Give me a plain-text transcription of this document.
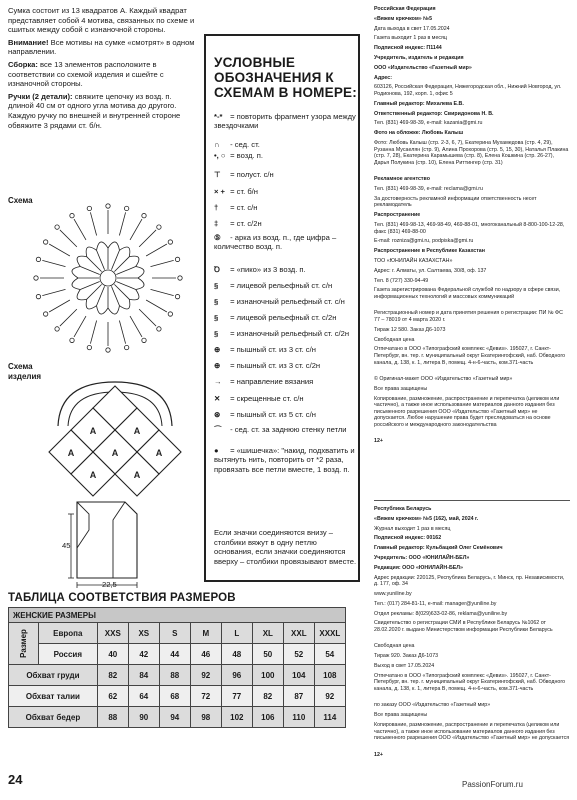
Сумка состоит из 13 квадратов А. Каждый квадрат представляет собой 4 мотива, связанных по схеме и сшитых между собой с изнаночной стороны.

Внимание! Все мотивы на сумке «смотрят» в одном направлении.

Сборка: все 13 элементов расположите в соответствии со схемой изделия и сшейте с изнаночной стороны.

Ручки (2 детали): свяжите цепочку из возд. п. длиной 40 см от одного угла мотива до другого. Каждую ручку по внешней и внутренней стороне обвяжите 3 рядами ст. б/н.

Схема
Схема изделия
А	А
А	А	А
А	А
45
22,5
УСЛОВНЫЕ ОБОЗНАЧЕНИЯ К СХЕМАМ В НОМЕРЕ:
*-* = повторить фрагмент узора между звездочками
∩ - сед. ст.
•, ○ = возд. п.
⊤ = полуст. с/н
× + = ст. б/н
† = ст. с/н
‡ = ст. с/2н
⑤ - арка из возд. п., где цифра – количество возд. п.
Ꝺ = «пико» из 3 возд. п.
§ = лицевой рельефный ст. с/н
§ = изнаночный рельефный ст. с/н
§ = лицевой рельефный ст. с/2н
§ = изнаночный рельефный ст. с/2н
⊕ = пышный ст. из 3 ст. с/н
⊕ = пышный ст. из 3 ст. с/2н
→ = направление вязания
✕ = скрещенные ст. с/н
⊛ = пышный ст. из 5 ст. с/н
⌒ - сед. ст. за заднюю стенку петли
● = «шишечка»: "накид, подхватить и вытянуть нить, повторить от *2 раза, провязать все петли вместе, 1 возд. п.
Если значки соединяются внизу – столбики вяжут в одну петлю основания, если значки соединяются вверху – столбики провязывают вместе.
Российская Федерация
«Вяжем крючком» №5
Дата выхода в свет 17.05.2024
Газета выходит 1 раз в месяц
Подписной индекс: П1144
Учредитель, издатель и редакция
ООО «Издательство «Газетный мир»
Адрес:
603126, Российская Федерация, Нижегородская обл., Нижний Новгород, ул. Родионова, 192, корп. 1, офис 5
Главный редактор: Михалева Е.В.
Ответственный редактор: Свиридонова Н. В.
Тел. (831) 469-98-39, e-mail: kazania@gmi.ru
Фото на обложке: Любовь Калыш
Фото: Любовь Калыш (стр. 2-3, 6, 7), Екатерина Мухамедова (стр. 4, 29), Рузанна Мусаелян (стр. 9), Алина Прохорова (стр. 5, 15, 30), Наталья Плакина (стр. 7, 28), Екатерина Карамышева (стр. 8), Елена Кошкина (стр. 26-27), Дарья Полукина (стр. 10), Елена Риттингер (стр. 31)
Рекламное агентство
Тел. (831) 469-98-39, e-mail: reclama@gmi.ru
За достоверность рекламной информации ответственность несет рекламодатель
Распространение
Тел. (831) 469-98-13, 469-98-49, 469-88-01, многоканальный 8-800-100-12-28, факс (831) 469-88-00
E-mail: rozniza@gmi.ru, podpiska@gmi.ru
Распространение в Республике Казахстан
ТОО «ЮНИЛАЙН КАЗАХСТАН»
Адрес: г. Алматы, ул. Салтаева, 30/8, оф. 137
Тел. 8 (727) 330-94-49
Газета зарегистрирована Федеральной службой по надзору в сфере связи, информационных технологий и массовых коммуникаций
Регистрационный номер и дата принятия решения о регистрации: ПИ № ФС 77 – 78019 от 4 марта 2020 г.
Тираж 12 580. Заказ Д6-1073
Свободная цена
Отпечатано в ООО «Типографский комплекс «Девиз». 195027, г. Санкт-Петербург, вн. тер. г. муниципальный округ Екатерингофский, наб. Обводного канала, д. 138, к. 1, литера В, помещ. 4-н-6-часть, ком.371-часть
© Оригинал-макет ООО «Издательство «Газетный мир»
Все права защищены
Копирование, размножение, распространение и перепечатка (целиком или частично), а также иное использование материалов данного издания без письменного разрешения ООО «Издательство «Газетный мир» не допускается. Любое нарушение права будет преследоваться на основе российского и международного законодательства
12+
Республика Беларусь
«Вяжем крючком» №5 (162), май, 2024 г.
Журнал выходит 1 раз в месяц
Подписной индекс: 00162
Главный редактор: Кульбацкий Олег Семёнович
Учредитель: ООО «ЮНИЛАЙН-БЕЛ»
Редакция: ООО «ЮНИЛАЙН-БЕЛ»
Адрес редакции: 220125, Республика Беларусь, г. Минск, пр. Независимости, д. 177, оф. 34
www.yunilinе.by
Тел.: (017) 284-81-11, e-mail: manager@yunilinе.by
Отдел рекламы: 8(029)633-02-86, reklama@yunilinе.by
Свидетельство о регистрации СМИ в Республике Беларусь №1062 от 28.02.2020 г. выдано Министерством информации Республики Беларусь
Свободная цена
Тираж 920. Заказ Д6-1073
Выход в свет 17.05.2024
Отпечатано в ООО «Типографский комплекс «Девиз». 195027, г. Санкт-Петербург, вн. тер. г. муниципальный округ Екатерингофский, наб. Обводного канала, д. 138, к. 1, литера В, помещ. 4-н-6-часть, ком.371-часть
по заказу ООО «Издательство «Газетный мир»
Все права защищены
Копирование, размножение, распространение и перепечатка (целиком или частично), а также иное использование материалов данного издания без письменного разрешения ООО «Издательство «Газетный мир» не допускается
12+
ТАБЛИЦА СООТВЕТСТВИЯ РАЗМЕРОВ
ЖЕНСКИЕ РАЗМЕРЫ									

Размер	Европа	XXS	XS	S	M	L	XL	XXL	XXXL
	Россия	40	42	44	46	48	50	52	54
Обхват груди		82	84	88	92	96	100	104	108
Обхват талии		62	64	68	72	77	82	87	92
Обхват бедер		88	90	94	98	102	106	110	114
24	PassionForum.ru
